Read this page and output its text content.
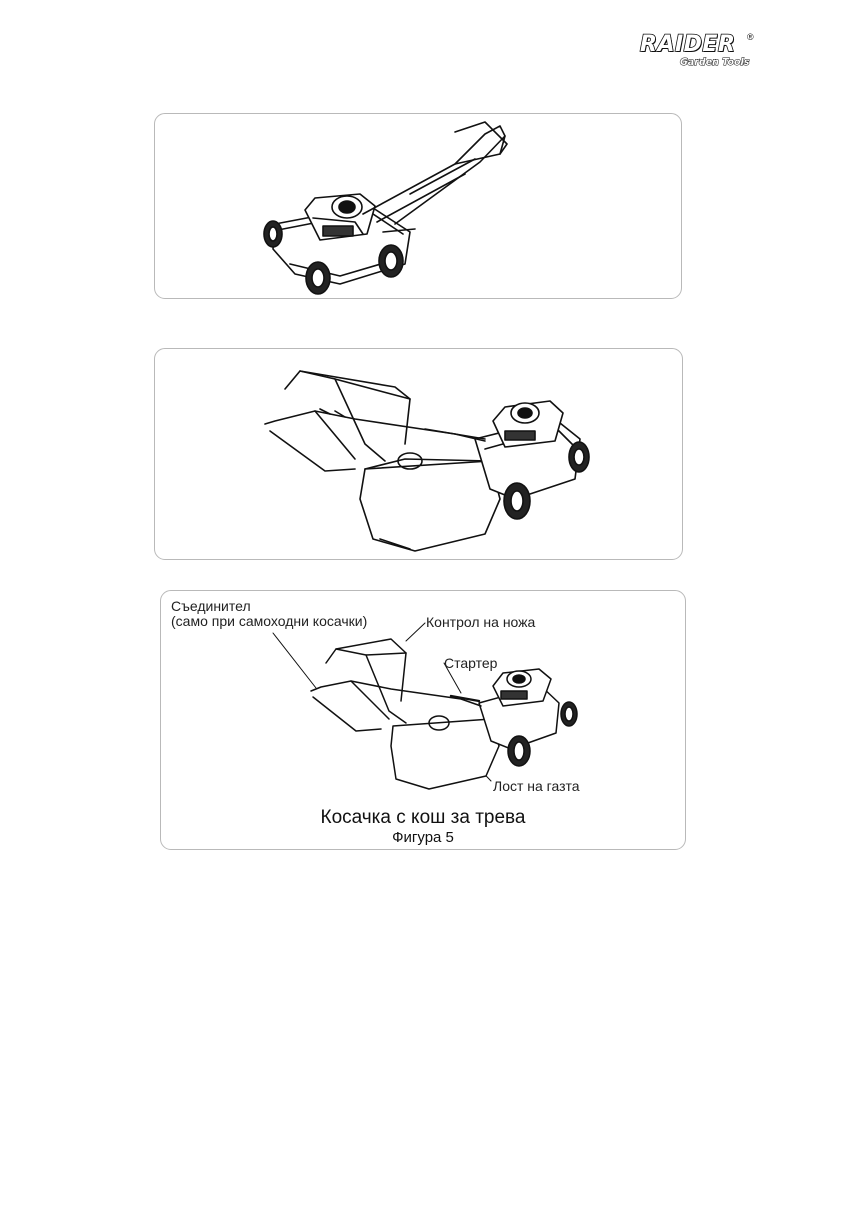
RAIDER ®
Garden Tools
Съединител
(само при самоходни косачки)	Контрол на ножа
Стартер
Лост на газта
Косачка с кош за трева
Фигура 5
